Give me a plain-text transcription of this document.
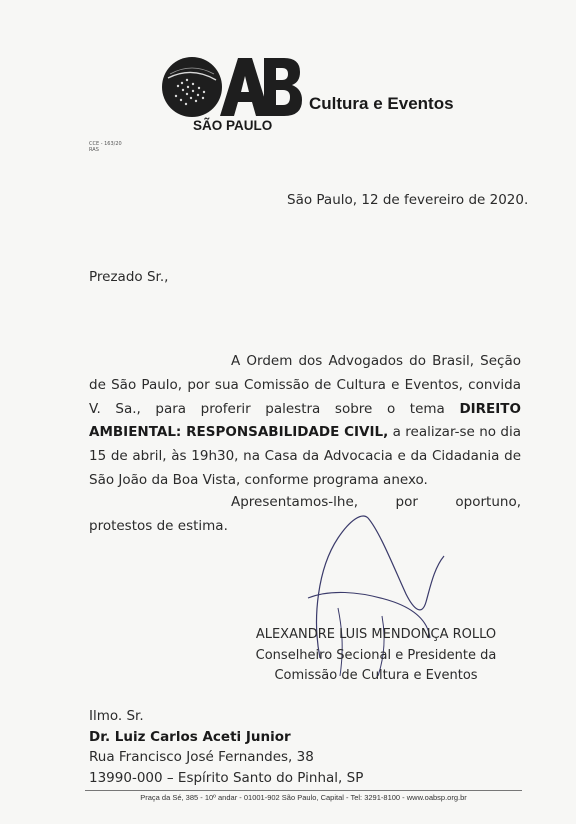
SÃO PAULO
Cultura e Eventos
CCE - 163/20
RAS
São Paulo, 12 de fevereiro de 2020.
Prezado Sr.,
A Ordem dos Advogados do Brasil, Seção de São Paulo, por sua Comissão de Cultura e Eventos, convida V. Sa., para proferir palestra sobre o tema DIREITO AMBIENTAL: RESPONSABILIDADE CIVIL, a realizar-se no dia 15 de abril, às 19h30, na Casa da Advocacia e da Cidadania de São João da Boa Vista, conforme programa anexo.
Apresentamos-lhe, por oportuno, protestos de estima.
ALEXANDRE LUIS MENDONÇA ROLLO
Conselheiro Secional e Presidente da
Comissão de Cultura e Eventos
Ilmo. Sr.
Dr. Luiz Carlos Aceti Junior
Rua Francisco José Fernandes, 38
13990-000 – Espírito Santo do Pinhal, SP
Praça da Sé, 385 - 10º andar - 01001-902 São Paulo, Capital - Tel: 3291-8100 - www.oabsp.org.br
